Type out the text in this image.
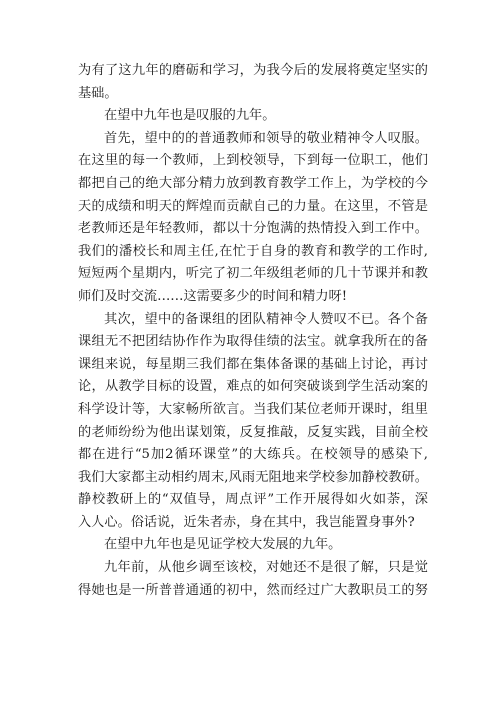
为有了这九年的磨砺和学习，为我今后的发展将奠定坚实的
基础。
在望中九年也是叹服的九年。
首先，望中的的普通教师和领导的敬业精神令人叹服。
在这里的每一个教师，上到校领导，下到每一位职工，他们
都把自己的绝大部分精力放到教育教学工作上，为学校的今
天的成绩和明天的辉煌而贡献自己的力量。在这里，不管是
老教师还是年轻教师，都以十分饱满的热情投入到工作中。
我们的潘校长和周主任,在忙于自身的教育和教学的工作时,
短短两个星期内，听完了初二年级组老师的几十节课并和教
师们及时交流……这需要多少的时间和精力呀!
其次，望中的备课组的团队精神令人赞叹不已。各个备
课组无不把团结协作作为取得佳绩的法宝。就拿我所在的备
课组来说，每星期三我们都在集体备课的基础上讨论，再讨
论，从教学目标的设置，难点的如何突破谈到学生活动案的
科学设计等，大家畅所欲言。当我们某位老师开课时，组里
的老师纷纷为他出谋划策，反复推敲，反复实践，目前全校
都在进行“5加2循环课堂”的大练兵。在校领导的感染下,
我们大家都主动相约周末,风雨无阻地来学校参加静校教研。
静校教研上的“双值导，周点评”工作开展得如火如荼，深
入人心。俗话说，近朱者赤，身在其中，我岂能置身事外?
在望中九年也是见证学校大发展的九年。
九年前，从他乡调至该校，对她还不是很了解，只是觉
得她也是一所普普通通的初中，然而经过广大教职员工的努
